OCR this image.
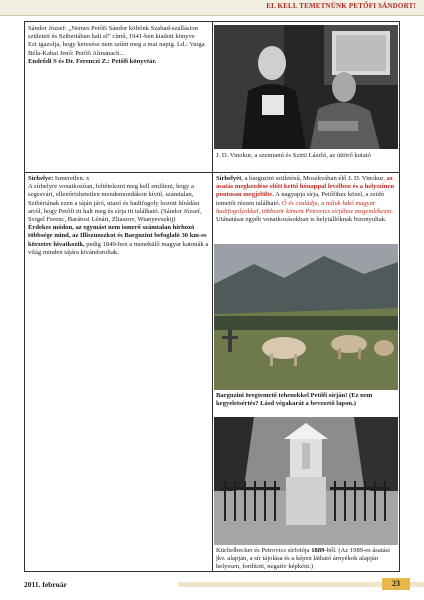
EL KELL TEMETNÜNK PETŐFI SÁNDORT!

Sándor József: „Nemes Petőfi Sándor költőnk Szabad-szállásion született és Sziberiában halt el” című, 1941-ben kiadott könyve

Ezt igazolja, hogy keresése nem szűnt meg a mai napig. Ld.: Varga Béla-Kabai Jenő: Petőfi Almanach…

Endrődi S és Dr. Ferenczi Z.: Petőfi könyvtár.

J. D. Vinokur, a szemtanú és Szirti László, az úttörő kutató

Sírhelye: Ismeretlen. x

A sírhelyre vonatkozóan, feltételezni meg kell említeni, hogy a segesvári, ellenőrizhetetlen mendemondákon kívül, számtalan, Szibériának ezen a táján járó, utazó és hadifogoly hozott hírádást arról, hogy Petőfi itt halt meg és sírja itt található. (Sándor József, Svigel Ferenc, Barátosi Lénárt, Zliaszov, Wianyevszkij)

Érdekes módon, az egymást nem ismerő számtalan hírhozó többsége mind, az Illiszunszkot és Barguzint befoglaló 30 km-es körzetre hivatkozik, pedig 1849-ben a menekülő magyar katonák a világ minden tájára kivándoroltak.

Sírhelyét, a barguzini születésű, Moszkvában élő J. D. Vinokur, az ásatás megkezdése előtt kettő hónappal levélben és a helyszínen pontosan megjelölte. A nagyapja sírja, Petőfihez közel, a zsidó temetői részen található. Ő és családja, a náluk lakó magyar hadifogolyokkal, többször kiment Petrovics sírjához megemlékezni. Utánatásai egyéb vonatkozásokban is helytállóknak bizonyultak.

Barguzini öregtemető tehenekkel Petőfi sírján! (Ez nem kegyeletsértés? Lásd végakarát a bevezető lapon.)
Küchelbecker és Petrovics sírfotója 1889-ből. (Az 1989-es ásatási jkv. alapján, a sír tájolása és a képen látható árnyékok alapján helyesen, fordított, negatív képként.)
2011. február	23
